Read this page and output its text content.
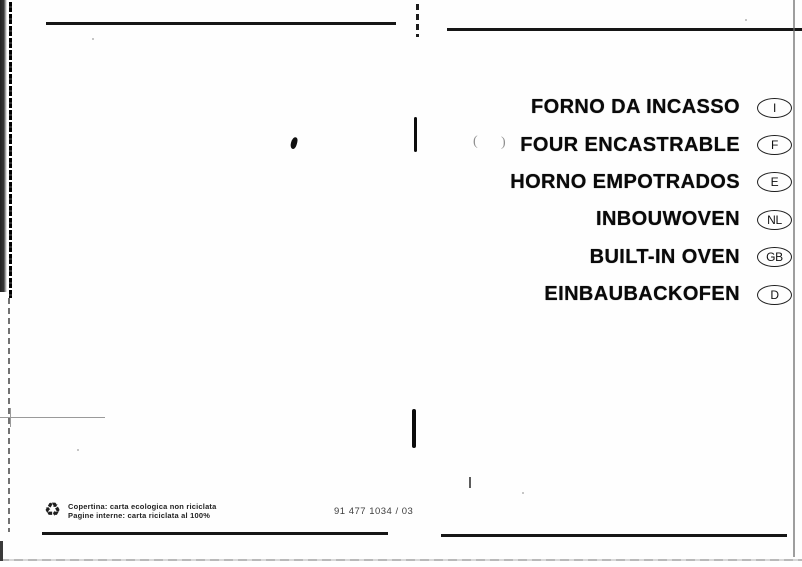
( )
FORNO DA INCASSO	I
FOUR ENCASTRABLE	F
HORNO EMPOTRADOS	E
INBOUWOVEN	NL
BUILT-IN OVEN	GB
EINBAUBACKOFEN	D
♻ Copertina: carta ecologica non riciclata
Pagine interne: carta riciclata al 100%	91 477 1034 / 03
